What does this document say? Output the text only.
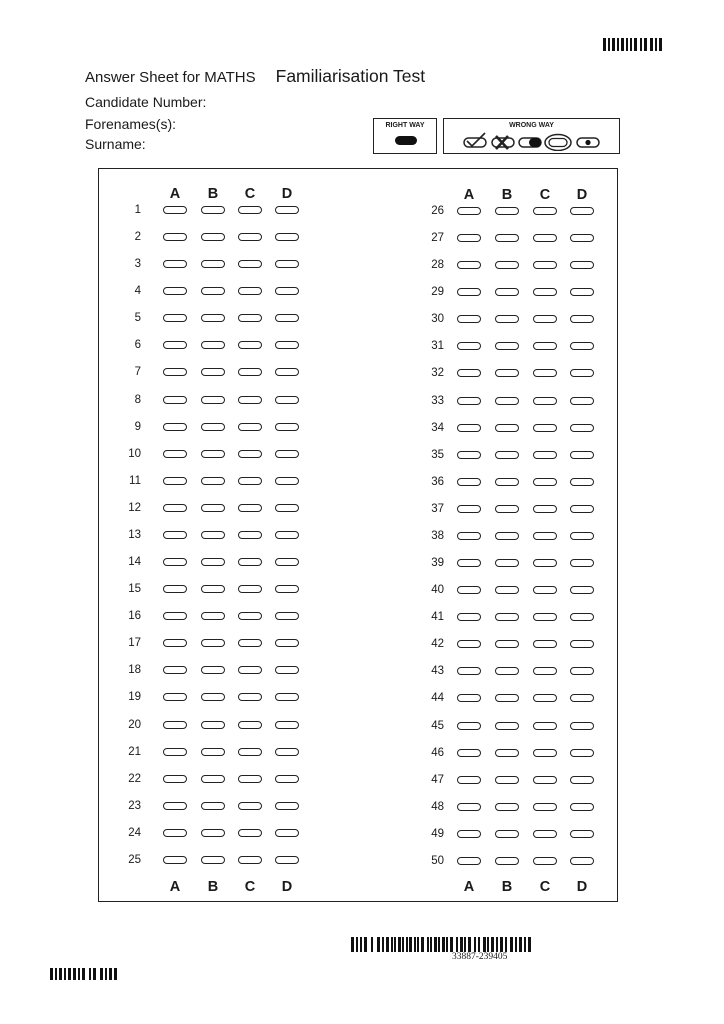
Answer Sheet for MATHS Familiarisation Test
Candidate Number:
Forenames(s):
Surname:
RIGHT WAY	WRONG WAY
A	B	C	D	A	B	C	D
A	B	C	D	A	B	C	D
1
2
3
4
5
6
7
8
9
10
11
12
13
14
15
16
17
18
19
20
21
22
23
24
25
26
27
28
29
30
31
32
33
34
35
36
37
38
39
40
41
42
43
44
45
46
47
48
49
50
33887-239405
